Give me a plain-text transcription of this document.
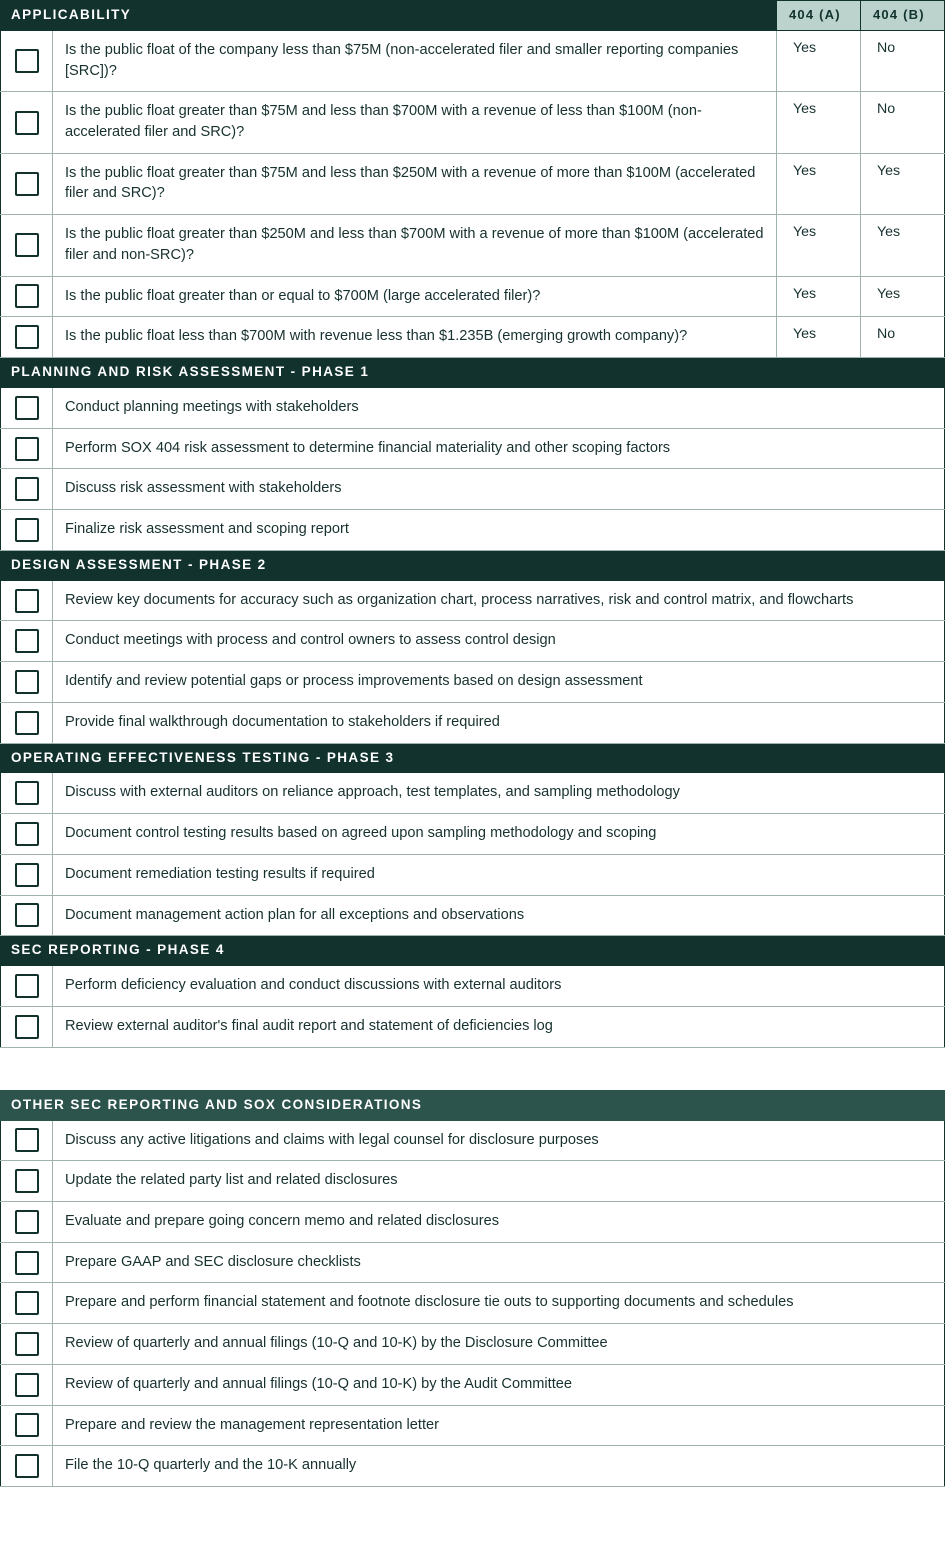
APPLICABILITY		404 (A)	404 (B)
	Is the public float of the company less than $75M (non-accelerated filer and smaller reporting companies [SRC])?	Yes	No
	Is the public float greater than $75M and less than $700M with a revenue of less than $100M (non-accelerated filer and SRC)?	Yes	No
	Is the public float greater than $75M and less than $250M with a revenue of more than $100M (accelerated filer and SRC)?	Yes	Yes
	Is the public float greater than $250M and less than $700M with a revenue of more than $100M (accelerated filer and non-SRC)?	Yes	Yes
	Is the public float greater than or equal to $700M (large accelerated filer)?	Yes	Yes
	Is the public float less than $700M with revenue less than $1.235B (emerging growth company)?	Yes	No
PLANNING AND RISK ASSESSMENT - PHASE 1			
	Conduct planning meetings with stakeholders		
	Perform SOX 404 risk assessment to determine financial materiality and other scoping factors		
	Discuss risk assessment with stakeholders		
	Finalize risk assessment and scoping report		
DESIGN ASSESSMENT - PHASE 2			
	Review key documents for accuracy such as organization chart, process narratives, risk and control matrix, and flowcharts		
	Conduct meetings with process and control owners to assess control design		
	Identify and review potential gaps or process improvements based on design assessment		
	Provide final walkthrough documentation to stakeholders if required		
OPERATING EFFECTIVENESS TESTING - PHASE 3			
	Discuss with external auditors on reliance approach, test templates, and sampling methodology		
	Document control testing results based on agreed upon sampling methodology and scoping		
	Document remediation testing results if required		
	Document management action plan for all exceptions and observations		
SEC REPORTING - PHASE 4			
	Perform deficiency evaluation and conduct discussions with external auditors		
	Review external auditor's final audit report and statement of deficiencies log		
OTHER SEC REPORTING AND SOX CONSIDERATIONS	
	Discuss any active litigations and claims with legal counsel for disclosure purposes
	Update the related party list and related disclosures
	Evaluate and prepare going concern memo and related disclosures
	Prepare GAAP and SEC disclosure checklists
	Prepare and perform financial statement and footnote disclosure tie outs to supporting documents and schedules
	Review of quarterly and annual filings (10-Q and 10-K) by the Disclosure Committee
	Review of quarterly and annual filings (10-Q and 10-K) by the Audit Committee
	Prepare and review the management representation letter
	File the 10-Q quarterly and the 10-K annually
